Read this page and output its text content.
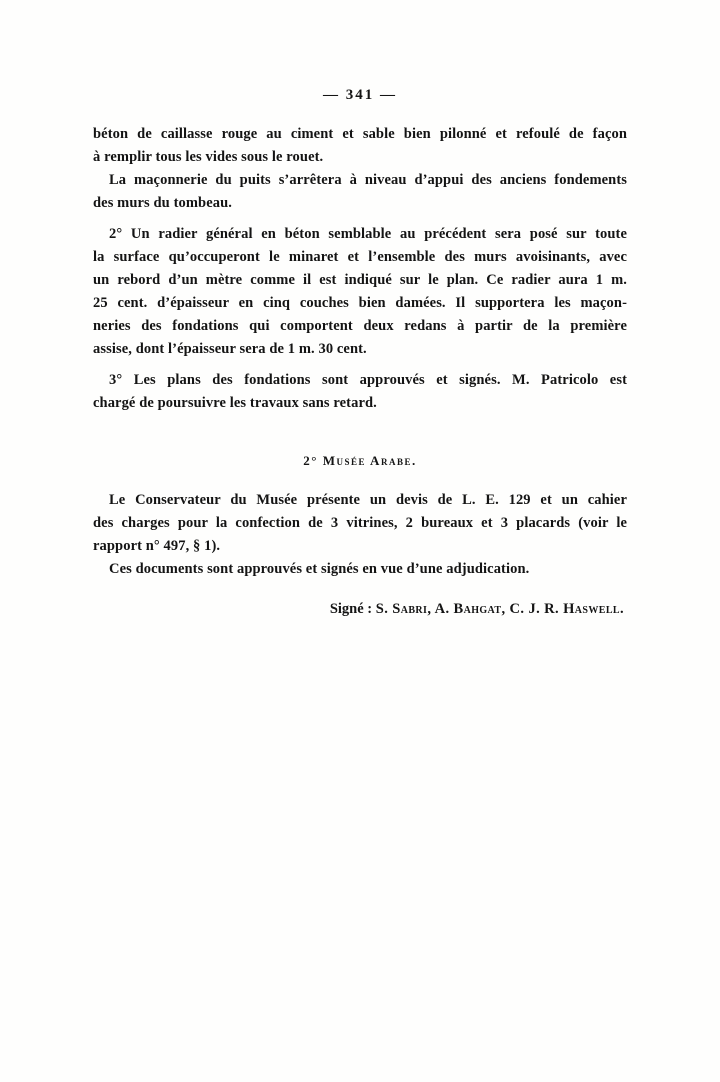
— 341 —
béton de caillasse rouge au ciment et sable bien pilonné et refoulé de façon
à remplir tous les vides sous le rouet.
La maçonnerie du puits s’arrêtera à niveau d’appui des anciens fondements
des murs du tombeau.
2° Un radier général en béton semblable au précédent sera posé sur toute
la surface qu’occuperont le minaret et l’ensemble des murs avoisinants, avec
un rebord d’un mètre comme il est indiqué sur le plan. Ce radier aura 1 m.
25 cent. d’épaisseur en cinq couches bien damées. Il supportera les maçon-
neries des fondations qui comportent deux redans à partir de la première
assise, dont l’épaisseur sera de 1 m. 30 cent.
3° Les plans des fondations sont approuvés et signés. M. Patricolo est
chargé de poursuivre les travaux sans retard.
2° Musée Arabe.
Le Conservateur du Musée présente un devis de L. E. 129 et un cahier
des charges pour la confection de 3 vitrines, 2 bureaux et 3 placards (voir le
rapport n° 497, § 1).
Ces documents sont approuvés et signés en vue d’une adjudication.
Signé : S. Sabri, A. Bahgat, C. J. R. Haswell.
